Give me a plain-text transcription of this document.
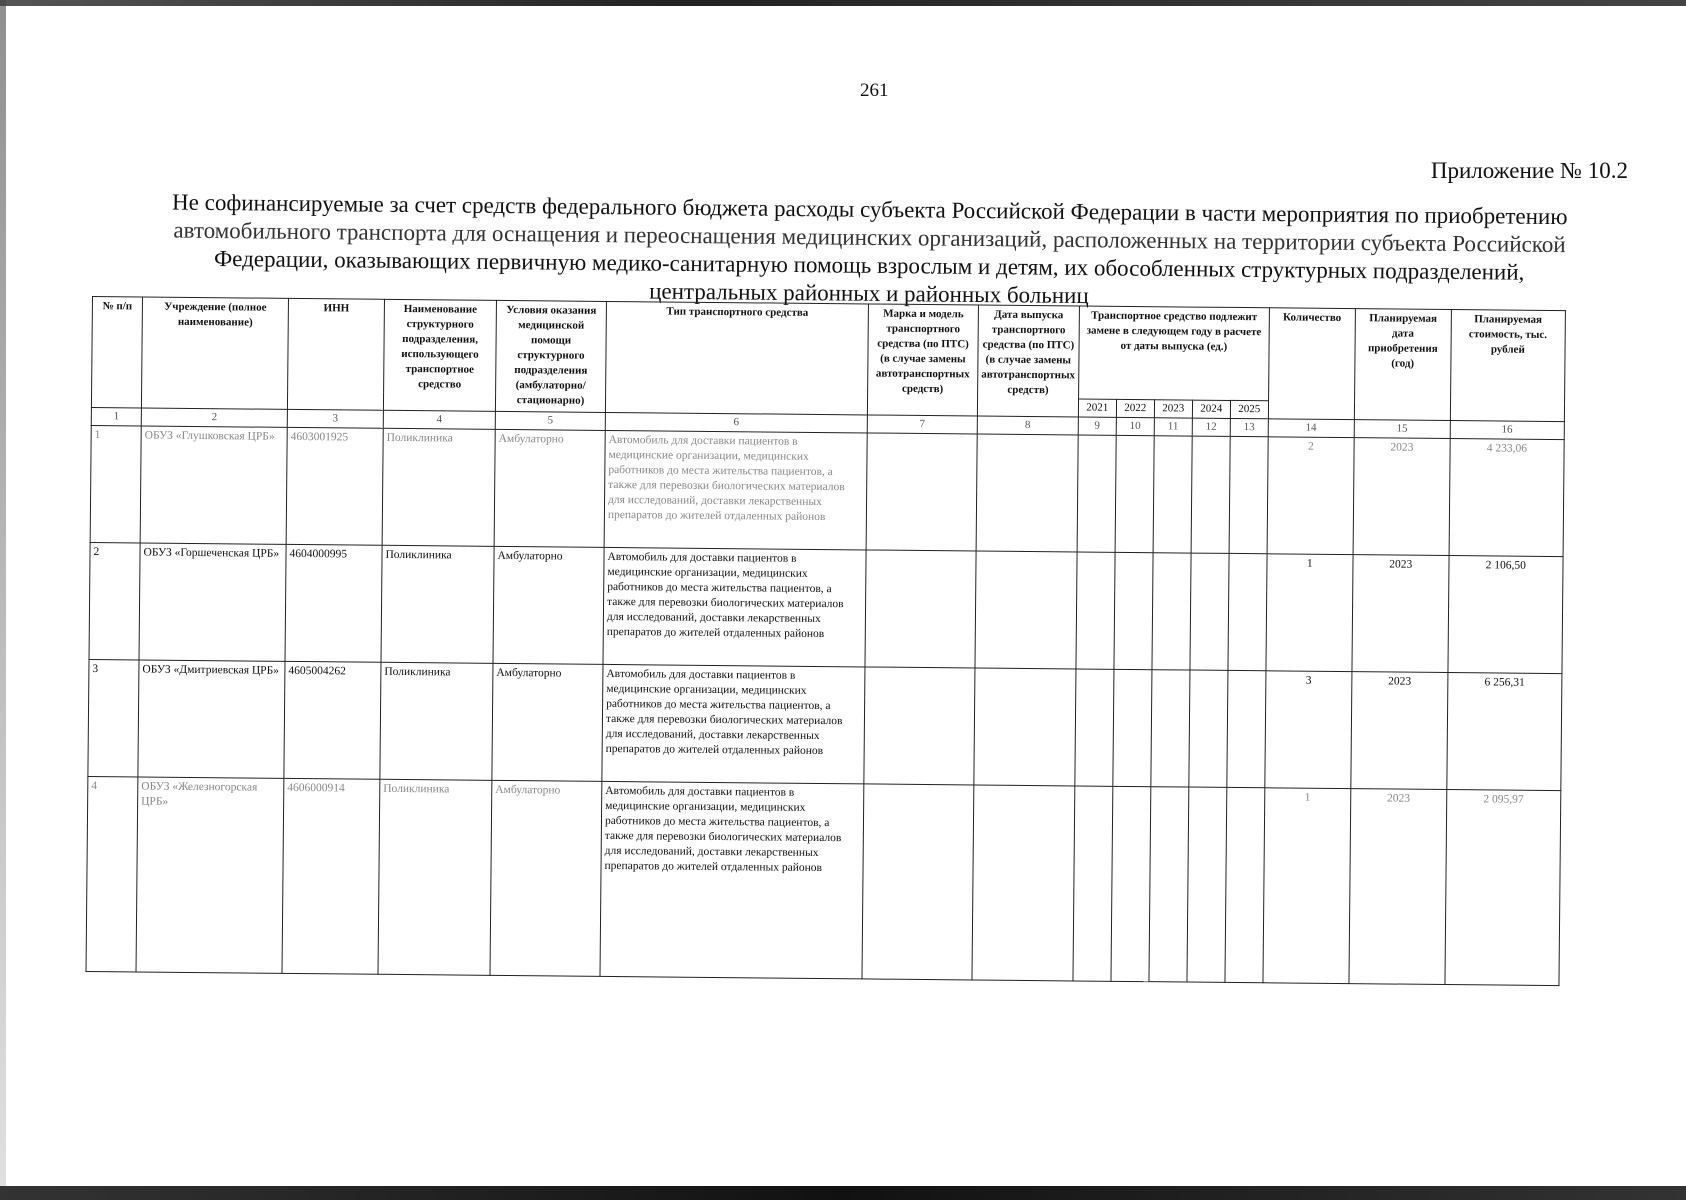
261
Приложение № 10.2
Не софинансируемые за счет средств федерального бюджета расходы субъекта Российской Федерации в части мероприятия по приобретению
автомобильного транспорта для оснащения и переоснащения медицинских организаций, расположенных на территории субъекта Российской
Федерации, оказывающих первичную медико-санитарную помощь взрослым и детям, их обособленных структурных подразделений,
центральных районных и районных больниц
№ п/п	Учреждение (полное наименование)	ИНН	Наименование структурного подразделения, использующего транспортное средство	Условия оказания медицинской помощи структурного подразделения (амбулаторно/стационарно)	Тип транспортного средства	Марка и модель транспортного средства (по ПТС) (в случае замены автотранспортных средств)	Дата выпуска транспортного средства (по ПТС) (в случае замены автотранспортных средств)	Транспортное средство подлежит замене в следующем году в расчете от даты выпуска (ед.)					Количество	Планируемая дата приобретения (год)	Планируемая стоимость, тыс. рублей
								2021	2022	2023	2024	2025			
1	2	3	4	5	6	7	8	9	10	11	12	13	14	15	16
1	ОБУЗ «Глушковская ЦРБ»	4603001925	Поликлиника	Амбулаторно	Автомобиль для доставки пациентов в медицинские организации, медицинских работников до места жительства пациентов, а также для перевозки биологических материалов для исследований, доставки лекарственных препаратов до жителей отдаленных районов								2	2023	4 233,06
2	ОБУЗ «Горшеченская ЦРБ»	4604000995	Поликлиника	Амбулаторно	Автомобиль для доставки пациентов в медицинские организации, медицинских работников до места жительства пациентов, а также для перевозки биологических материалов для исследований, доставки лекарственных препаратов до жителей отдаленных районов								1	2023	2 106,50
3	ОБУЗ «Дмитриевская ЦРБ»	4605004262	Поликлиника	Амбулаторно	Автомобиль для доставки пациентов в медицинские организации, медицинских работников до места жительства пациентов, а также для перевозки биологических материалов для исследований, доставки лекарственных препаратов до жителей отдаленных районов								3	2023	6 256,31
4	ОБУЗ «Железногорская ЦРБ»	4606000914	Поликлиника	Амбулаторно	Автомобиль для доставки пациентов в медицинские организации, медицинских работников до места жительства пациентов, а также для перевозки биологических материалов для исследований, доставки лекарственных препаратов до жителей отдаленных районов								1	2023	2 095,97
